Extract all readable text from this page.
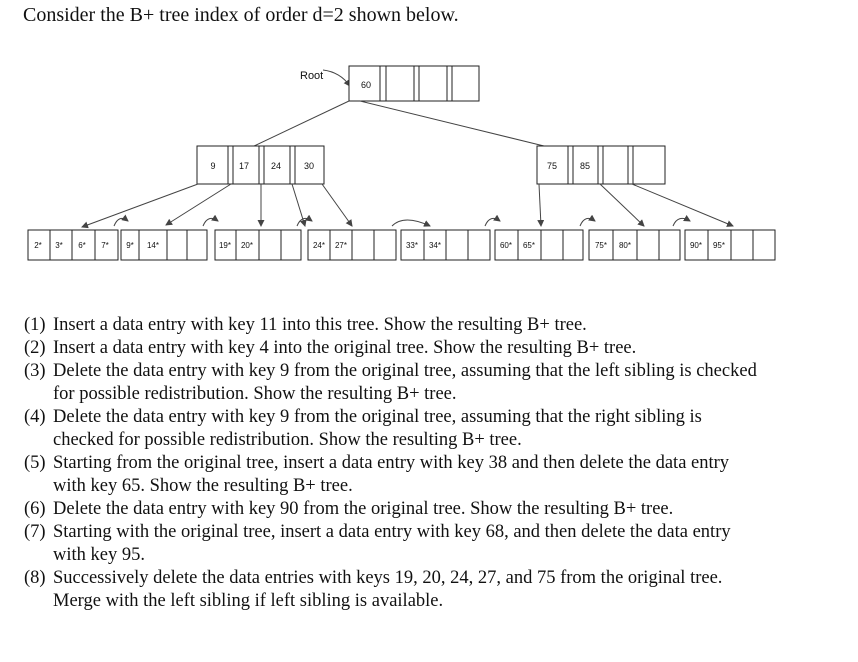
Consider the B+ tree index of order d=2 shown below.
Root
60
9	17 24	30	75	85
2* 3* 6* 7* 9* 14*	19* 20*	24* 27*	33* 34*	60* 65*	75* 80*	90* 95*
(1) Insert a data entry with key 11 into this tree. Show the resulting B+ tree.
(2) Insert a data entry with key 4 into the original tree. Show the resulting B+ tree.
(3) Delete the data entry with key 9 from the original tree, assuming that the left sibling is checked for possible redistribution. Show the resulting B+ tree.
(4) Delete the data entry with key 9 from the original tree, assuming that the right sibling is checked for possible redistribution. Show the resulting B+ tree.
(5) Starting from the original tree, insert a data entry with key 38 and then delete the data entry with key 65. Show the resulting B+ tree.
(6) Delete the data entry with key 90 from the original tree. Show the resulting B+ tree.
(7) Starting with the original tree, insert a data entry with key 68, and then delete the data entry with key 95.
(8) Successively delete the data entries with keys 19, 20, 24, 27, and 75 from the original tree. Merge with the left sibling if left sibling is available.
